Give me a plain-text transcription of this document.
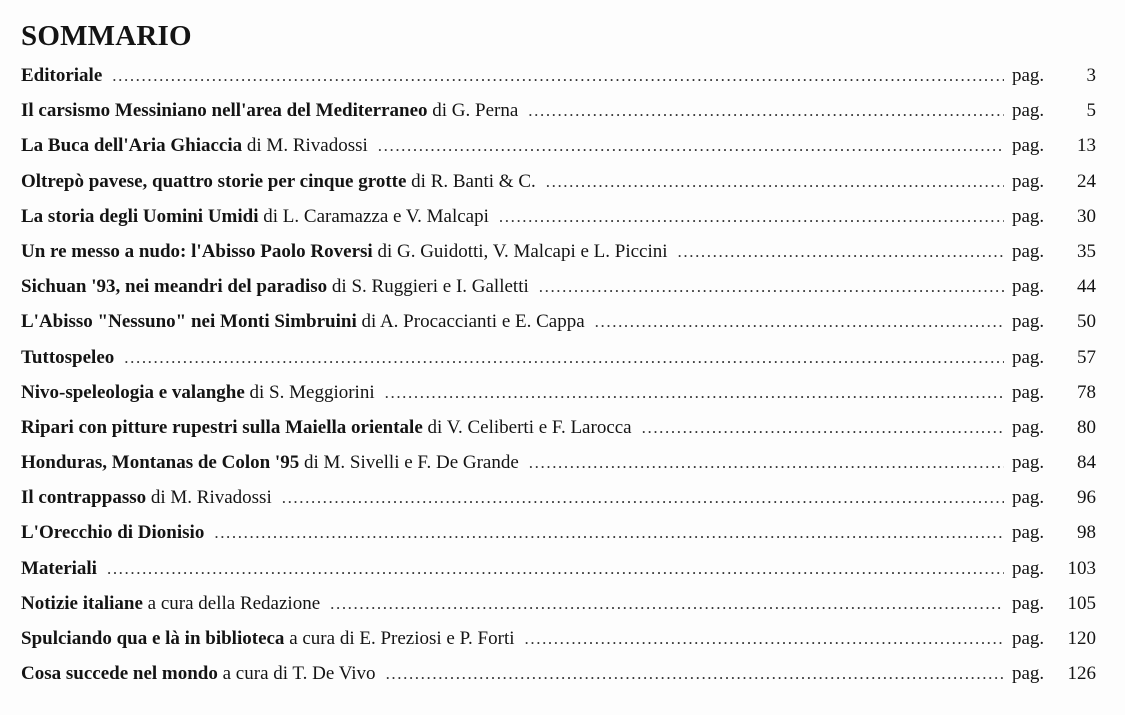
SOMMARIO
Editoriale .....	pag. 3
Il carsismo Messiniano nell'area del Mediterraneo di G. Perna .....	pag. 5
La Buca dell'Aria Ghiaccia di M. Rivadossi .....	pag. 13
Oltrepò pavese, quattro storie per cinque grotte di R. Banti & C. .....	pag. 24
La storia degli Uomini Umidi di L. Caramazza e V. Malcapi .....	pag. 30
Un re messo a nudo: l'Abisso Paolo Roversi di G. Guidotti, V. Malcapi e L. Piccini .....	pag. 35
Sichuan '93, nei meandri del paradiso di S. Ruggieri e I. Galletti .....	pag. 44
L'Abisso "Nessuno" nei Monti Simbruini di A. Procaccianti e E. Cappa .....	pag. 50
Tuttospeleo .....	pag. 57
Nivo-speleologia e valanghe di S. Meggiorini .....	pag. 78
Ripari con pitture rupestri sulla Maiella orientale di V. Celiberti e F. Larocca .....	pag. 80
Honduras, Montanas de Colon '95 di M. Sivelli e F. De Grande .....	pag. 84
Il contrappasso di M. Rivadossi .....	pag. 96
L'Orecchio di Dionisio .....	pag. 98
Materiali .....	pag. 103
Notizie italiane a cura della Redazione .....	pag. 105
Spulciando qua e là in biblioteca a cura di E. Preziosi e P. Forti .....	pag. 120
Cosa succede nel mondo a cura di T. De Vivo .....	pag. 126
